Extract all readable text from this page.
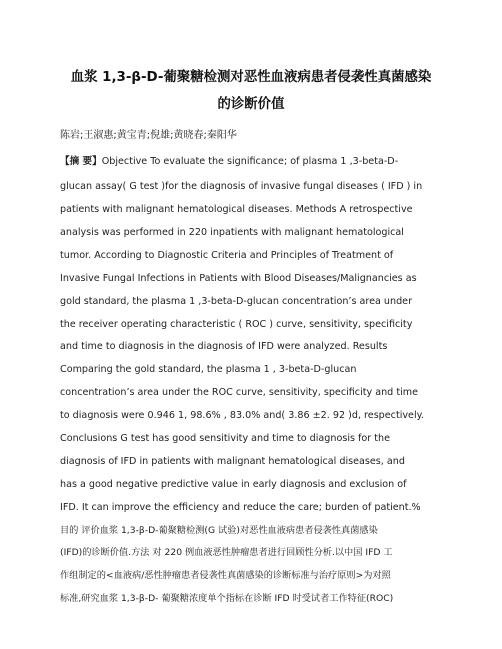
血浆 1,3-β-D-葡聚糖检测对恶性血液病患者侵袭性真菌感染
的诊断价值
陈岩;王淑惠;黄宝青;倪雄;黄晓春;秦阳华
【摘 要】Objective To evaluate the significance; of plasma 1 ,3-beta-D-
glucan assay( G test )for the diagnosis of invasive fungal diseases ( IFD ) in
patients with malignant hematological diseases. Methods A retrospective
analysis was performed in 220 inpatients with malignant hematological
tumor. According to Diagnostic Criteria and Principles of Treatment of
Invasive Fungal Infections in Patients with Blood Diseases/Malignancies as
gold standard, the plasma 1 ,3-beta-D-glucan concentration’s area under
the receiver operating characteristic ( ROC ) curve, sensitivity, specificity
and time to diagnosis in the diagnosis of IFD were analyzed. Results
Comparing the gold standard, the plasma 1 , 3-beta-D-glucan
concentration’s area under the ROC curve, sensitivity, specificity and time
to diagnosis were 0.946 1, 98.6% , 83.0% and( 3.86 ±2. 92 )d, respectively.
Conclusions G test has good sensitivity and time to diagnosis for the
diagnosis of IFD in patients with malignant hematological diseases, and
has a good negative predictive value in early diagnosis and exclusion of
IFD. It can improve the efficiency and reduce the care; burden of patient.%
目的 评价血浆 1,3-β-D-葡聚糖检测(G 试验)对恶性血液病患者侵袭性真菌感染
(IFD)的诊断价值.方法 对 220 例血液恶性肿瘤患者进行回顾性分析.以中国 IFD 工
作组制定的<血液病/恶性肿瘤患者侵袭性真菌感染的诊断标准与治疗原则>为对照
标准,研究血浆 1,3-β-D- 葡聚糖浓度单个指标在诊断 IFD 时受试者工作特征(ROC)
